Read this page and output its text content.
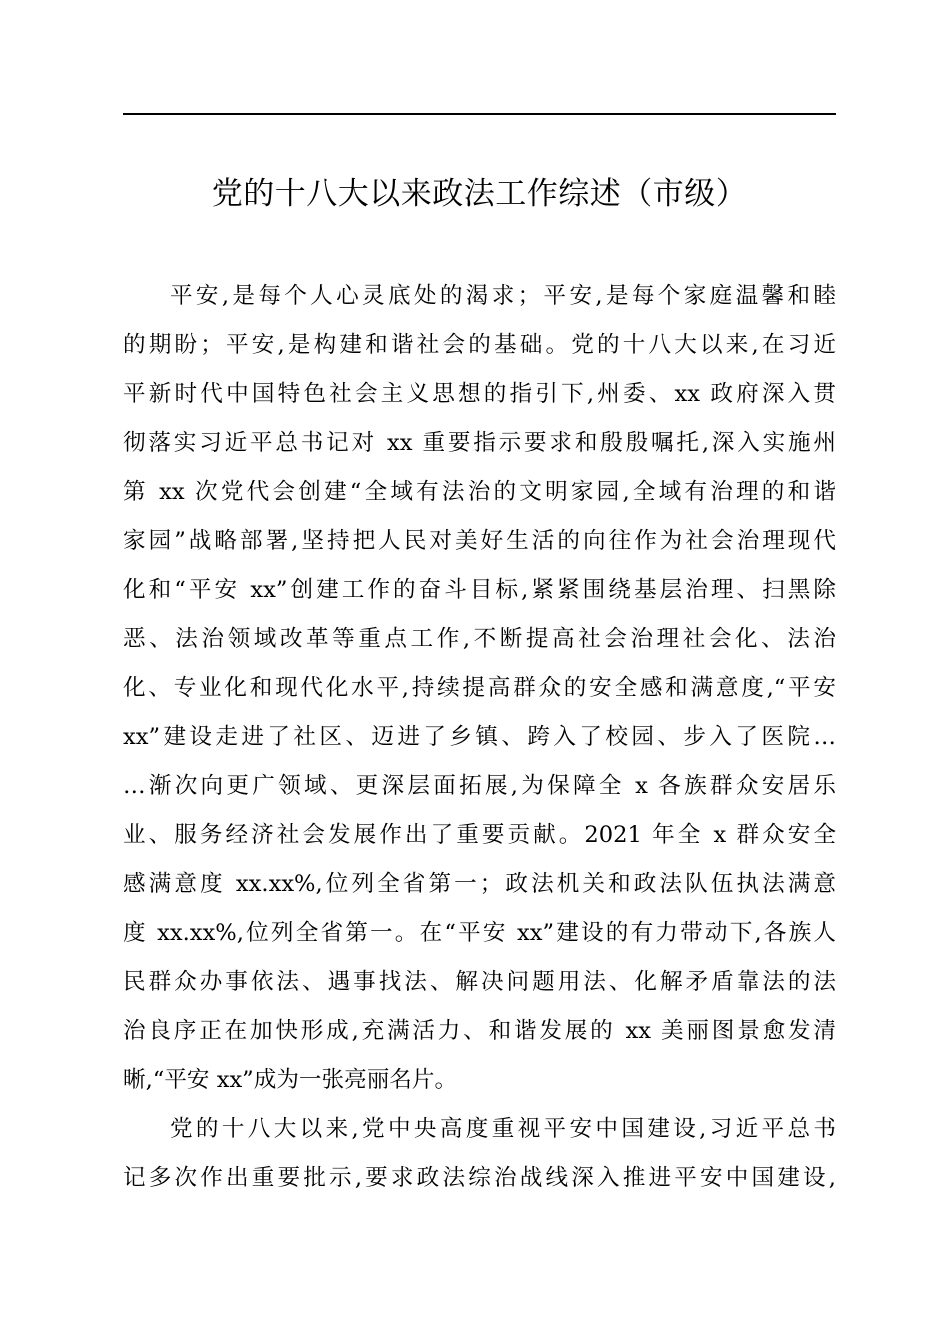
党的十八大以来政法工作综述（市级）
平安,是每个人心灵底处的渴求；平安,是每个家庭温馨和睦
的期盼；平安,是构建和谐社会的基础。党的十八大以来,在习近
平新时代中国特色社会主义思想的指引下,州委、xx 政府深入贯
彻落实习近平总书记对 xx 重要指示要求和殷殷嘱托,深入实施州
第 xx 次党代会创建“全域有法治的文明家园,全域有治理的和谐
家园”战略部署,坚持把人民对美好生活的向往作为社会治理现代
化和“平安 xx”创建工作的奋斗目标,紧紧围绕基层治理、扫黑除
恶、法治领域改革等重点工作,不断提高社会治理社会化、法治
化、专业化和现代化水平,持续提高群众的安全感和满意度,“平安
xx”建设走进了社区、迈进了乡镇、跨入了校园、步入了医院…
…渐次向更广领域、更深层面拓展,为保障全 x 各族群众安居乐
业、服务经济社会发展作出了重要贡献。2021 年全 x 群众安全
感满意度 xx.xx%,位列全省第一；政法机关和政法队伍执法满意
度 xx.xx%,位列全省第一。在“平安 xx”建设的有力带动下,各族人
民群众办事依法、遇事找法、解决问题用法、化解矛盾靠法的法
治良序正在加快形成,充满活力、和谐发展的 xx 美丽图景愈发清
晰,“平安 xx”成为一张亮丽名片。
党的十八大以来,党中央高度重视平安中国建设,习近平总书
记多次作出重要批示,要求政法综治战线深入推进平安中国建设,
